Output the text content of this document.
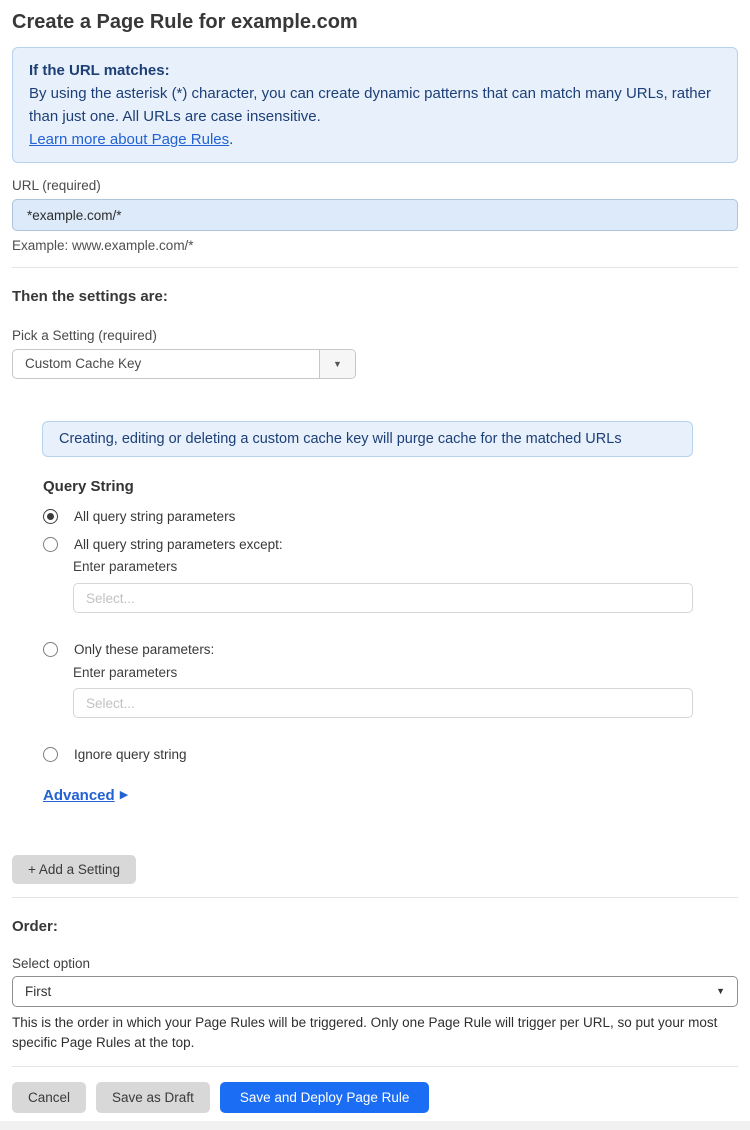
Create a Page Rule for example.com
If the URL matches:
By using the asterisk (*) character, you can create dynamic patterns that can match many URLs, rather than just one. All URLs are case insensitive.
Learn more about Page Rules.
URL (required)
*example.com/*
Example: www.example.com/*
Then the settings are:
Pick a Setting (required)
Custom Cache Key	▼
Creating, editing or deleting a custom cache key will purge cache for the matched URLs
Query String
All query string parameters
All query string parameters except:
Enter parameters
Select...
Only these parameters:
Enter parameters
Select...
Ignore query string
Advanced ▶
+ Add a Setting
Order:
Select option
First	▼

This is the order in which your Page Rules will be triggered. Only one Page Rule will trigger per URL, so put your most specific Page Rules at the top.

Cancel	Save as Draft	Save and Deploy Page Rule
